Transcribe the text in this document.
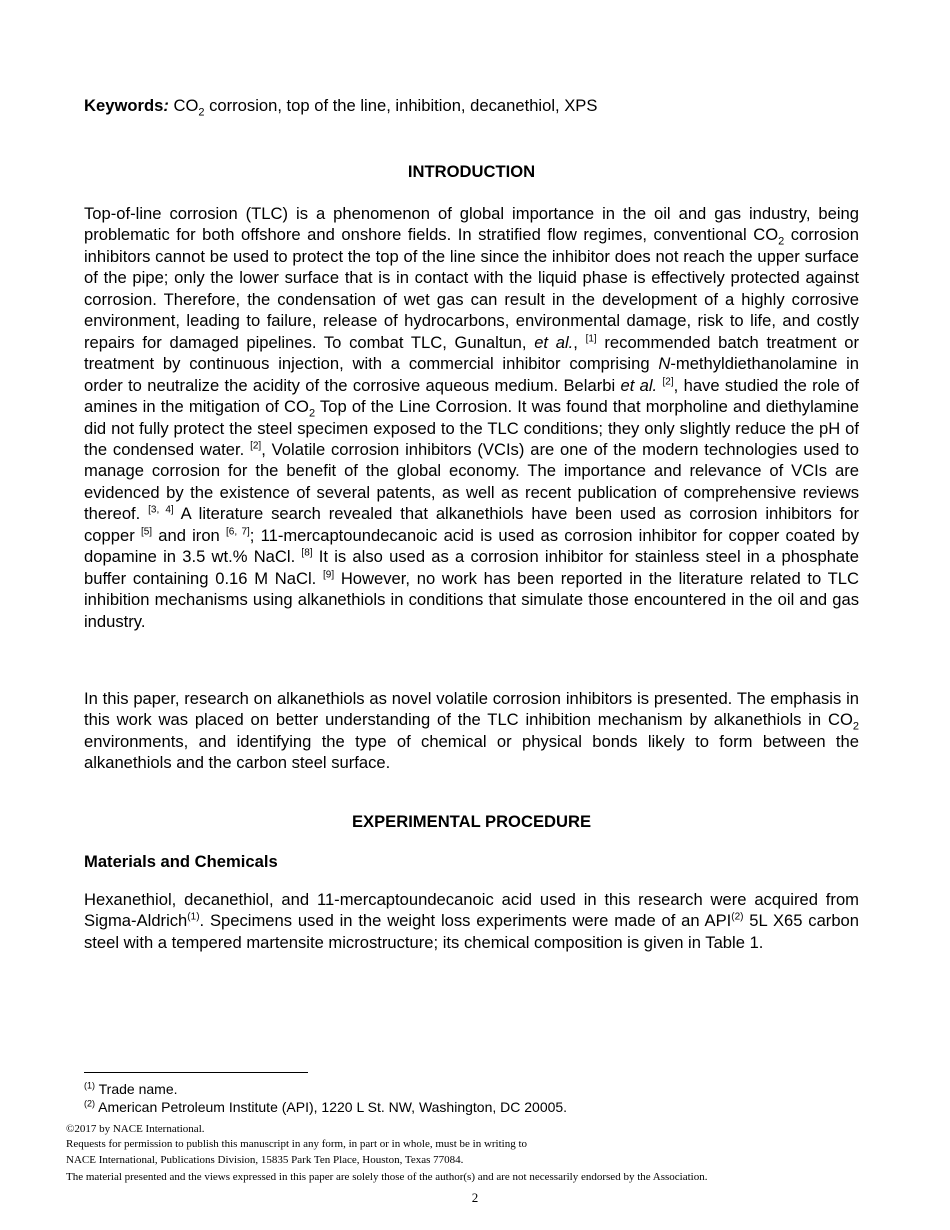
Keywords: $CO_2$ corrosion, top of the line, inhibition, decanethiol, XPS
INTRODUCTION
Top-of-line corrosion (TLC) is a phenomenon of global importance in the oil and gas industry, being problematic for both offshore and onshore fields. In stratified flow regimes, conventional $CO_2$ corrosion inhibitors cannot be used to protect the top of the line since the inhibitor does not reach the upper surface of the pipe; only the lower surface that is in contact with the liquid phase is effectively protected against corrosion. Therefore, the condensation of wet gas can result in the development of a highly corrosive environment, leading to failure, release of hydrocarbons, environmental damage, risk to life, and costly repairs for damaged pipelines. To combat TLC, Gunaltun, et al., [1] recommended batch treatment or treatment by continuous injection, with a commercial inhibitor comprising N-methyldiethanolamine in order to neutralize the acidity of the corrosive aqueous medium. Belarbi et al. [2], have studied the role of amines in the mitigation of $CO_2$ Top of the Line Corrosion. It was found that morpholine and diethylamine did not fully protect the steel specimen exposed to the TLC conditions; they only slightly reduce the pH of the condensed water. [2], Volatile corrosion inhibitors (VCIs) are one of the modern technologies used to manage corrosion for the benefit of the global economy. The importance and relevance of VCIs are evidenced by the existence of several patents, as well as recent publication of comprehensive reviews thereof. [3, 4] A literature search revealed that alkanethiols have been used as corrosion inhibitors for copper [5] and iron [6, 7]; 11-mercaptoundecanoic acid is used as corrosion inhibitor for copper coated by dopamine in 3.5 wt.% NaCl. [8] It is also used as a corrosion inhibitor for stainless steel in a phosphate buffer containing 0.16 M NaCl. [9] However, no work has been reported in the literature related to TLC inhibition mechanisms using alkanethiols in conditions that simulate those encountered in the oil and gas industry.
In this paper, research on alkanethiols as novel volatile corrosion inhibitors is presented. The emphasis in this work was placed on better understanding of the TLC inhibition mechanism by alkanethiols in $CO_2$ environments, and identifying the type of chemical or physical bonds likely to form between the alkanethiols and the carbon steel surface.
EXPERIMENTAL PROCEDURE
Materials and Chemicals
Hexanethiol, decanethiol, and 11-mercaptoundecanoic acid used in this research were acquired from Sigma-Aldrich$^{(1)}$. Specimens used in the weight loss experiments were made of an API$^{(2)}$ 5L X65 carbon steel with a tempered martensite microstructure; its chemical composition is given in Table 1.
$^{(1)}$ Trade name.
$^{(2)}$ American Petroleum Institute (API), 1220 L St. NW, Washington, DC 20005.
©2017 by NACE International.
Requests for permission to publish this manuscript in any form, in part or in whole, must be in writing to
NACE International, Publications Division, 15835 Park Ten Place, Houston, Texas 77084.
The material presented and the views expressed in this paper are solely those of the author(s) and are not necessarily endorsed by the Association.
2
